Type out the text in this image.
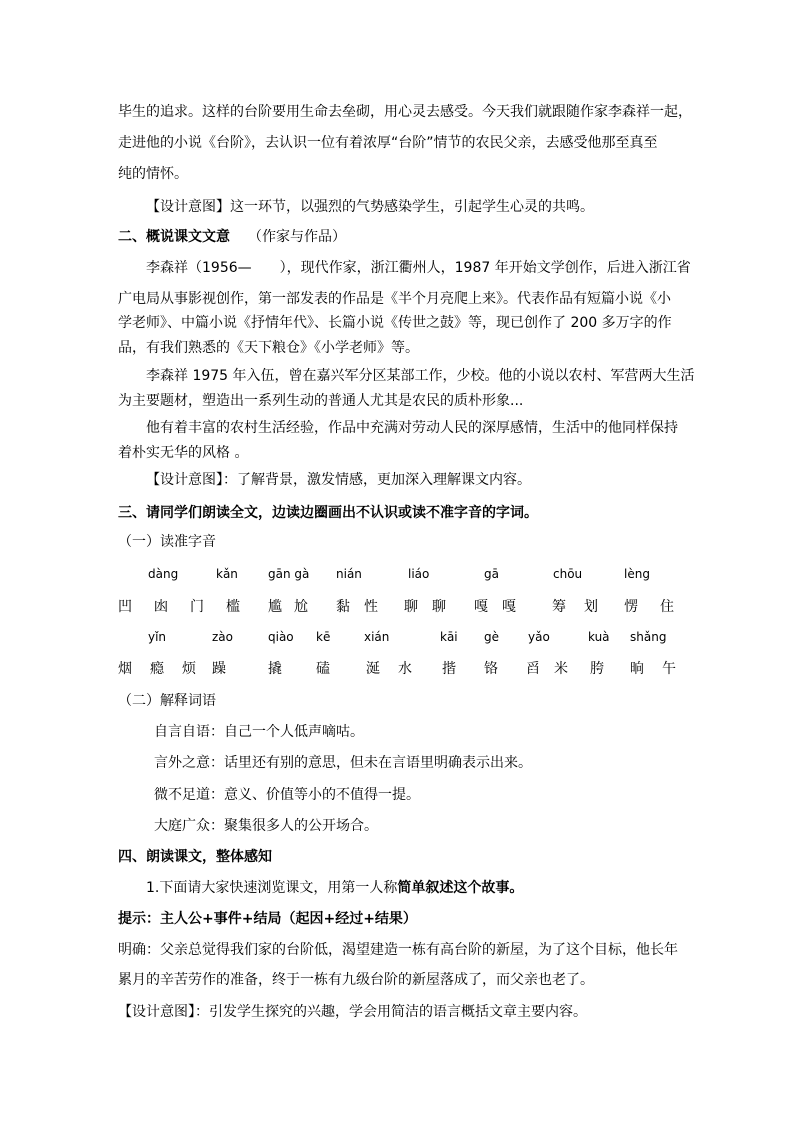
毕生的追求。这样的台阶要用生命去垒砌，用心灵去感受。今天我们就跟随作家李森祥一起，
走进他的小说《台阶》，去认识一位有着浓厚“台阶”情节的农民父亲，去感受他那至真至
纯的情怀。
【设计意图】这一环节，以强烈的气势感染学生，引起学生心灵的共鸣。
二、概说课文文意 （作家与作品）
李森祥（1956—　　），现代作家，浙江衢州人，1987 年开始文学创作，后进入浙江省
广电局从事影视创作，第一部发表的作品是《半个月亮爬上来》。代表作品有短篇小说《小
学老师》、中篇小说《抒情年代》、长篇小说《传世之鼓》等，现已创作了 200 多万字的作
品，有我们熟悉的《天下粮仓》《小学老师》等。
李森祥 1975 年入伍，曾在嘉兴军分区某部工作，少校。他的小说以农村、军营两大生活
为主要题材，塑造出一系列生动的普通人尤其是农民的质朴形象...
他有着丰富的农村生活经验，作品中充满对劳动人民的深厚感情，生活中的他同样保持
着朴实无华的风格 。
【设计意图】：了解背景，激发情感，更加深入理解课文内容。
三、请同学们朗读全文，边读边圈画出不认识或读不准字音的字词。
（一）读准字音
dàng	kǎn	gān gà nián	liáo	gā	chōu	lèng
凹 凼 门 槛 尴 尬 黏 性 聊 聊 嘎 嘎	筹 划 愣 住
yǐn	zào	qiào kē	xián	kāi gè yǎo	kuà shǎng
烟 瘾 烦 躁	撬 磕	涎 水 揩 铬 舀 米 胯 晌 午
（二）解释词语
自言自语：自己一个人低声嘀咕。
言外之意：话里还有别的意思，但未在言语里明确表示出来。
微不足道：意义、价值等小的不值得一提。
大庭广众：聚集很多人的公开场合。
四、朗读课文，整体感知
1.下面请大家快速浏览课文，用第一人称简单叙述这个故事。
提示：主人公+事件+结局（起因+经过+结果）
明确：父亲总觉得我们家的台阶低，渴望建造一栋有高台阶的新屋，为了这个目标，他长年
累月的辛苦劳作的准备，终于一栋有九级台阶的新屋落成了，而父亲也老了。
【设计意图】：引发学生探究的兴趣，学会用简洁的语言概括文章主要内容。
